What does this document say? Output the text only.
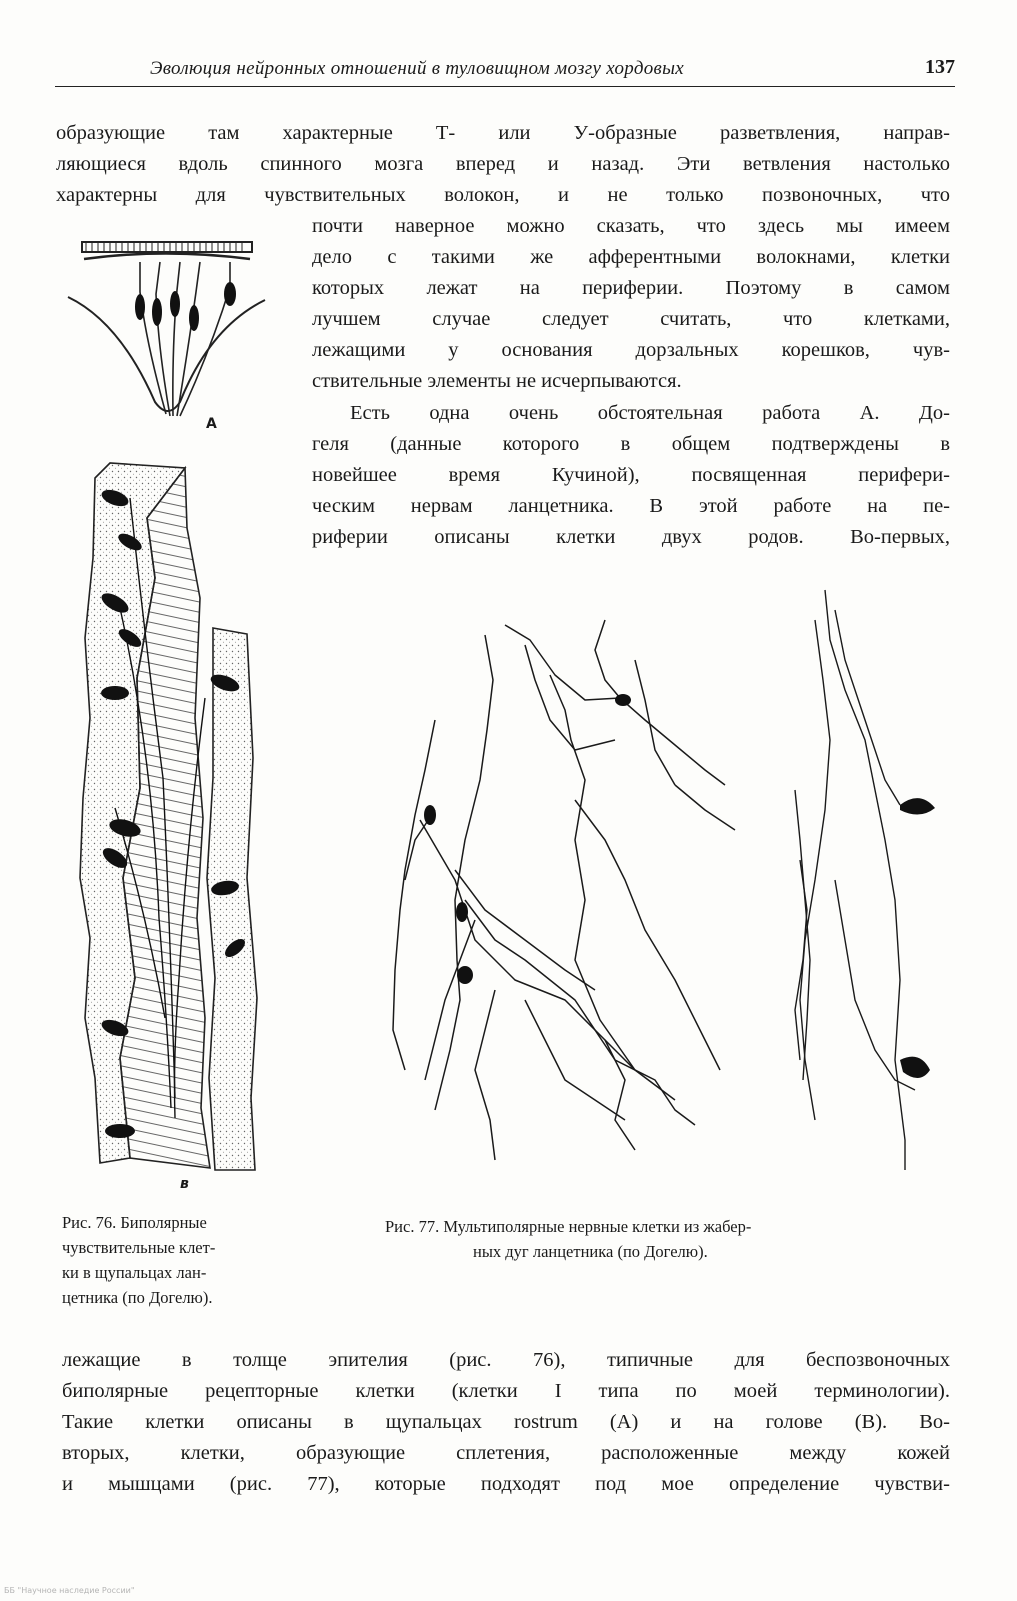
Эволюция нейронных отношений в туловищном мозгу хордовых	137
образующие там характерные Т- или У-образные разветвления, направ-
ляющиеся вдоль спинного мозга вперед и назад. Эти ветвления настолько
характерны для чувствительных волокон, и не только позвоночных, что
почти наверное можно сказать, что здесь мы имеем
дело с такими же афферентными волокнами, клетки
которых лежат на периферии. Поэтому в самом
лучшем случае следует считать, что клетками,
лежащими у основания дорзальных корешков, чув-
ствительные элементы не исчерпываются.
Есть одна очень обстоятельная работа А. До-
геля (данные которого в общем подтверждены в
новейшее время Кучиной), посвященная перифери-
ческим нервам ланцетника. В этой работе на пе-
риферии описаны клетки двух родов. Во-первых,
А
в
Рис. 76. Биполярные
чувствительные клет-
ки в щупальцах лан-
цетника (по Догелю).
Рис. 77. Мультиполярные нервные клетки из жабер-
ных дуг ланцетника (по Догелю).
лежащие в толще эпителия (рис. 76), типичные для беспозвоночных
биполярные рецепторные клетки (клетки I типа по моей терминологии).
Такие клетки описаны в щупальцах rostrum (A) и на голове (B). Во-
вторых, клетки, образующие сплетения, расположенные между кожей
и мышцами (рис. 77), которые подходят под мое определение чувстви-
ББ "Научное наследие России"
